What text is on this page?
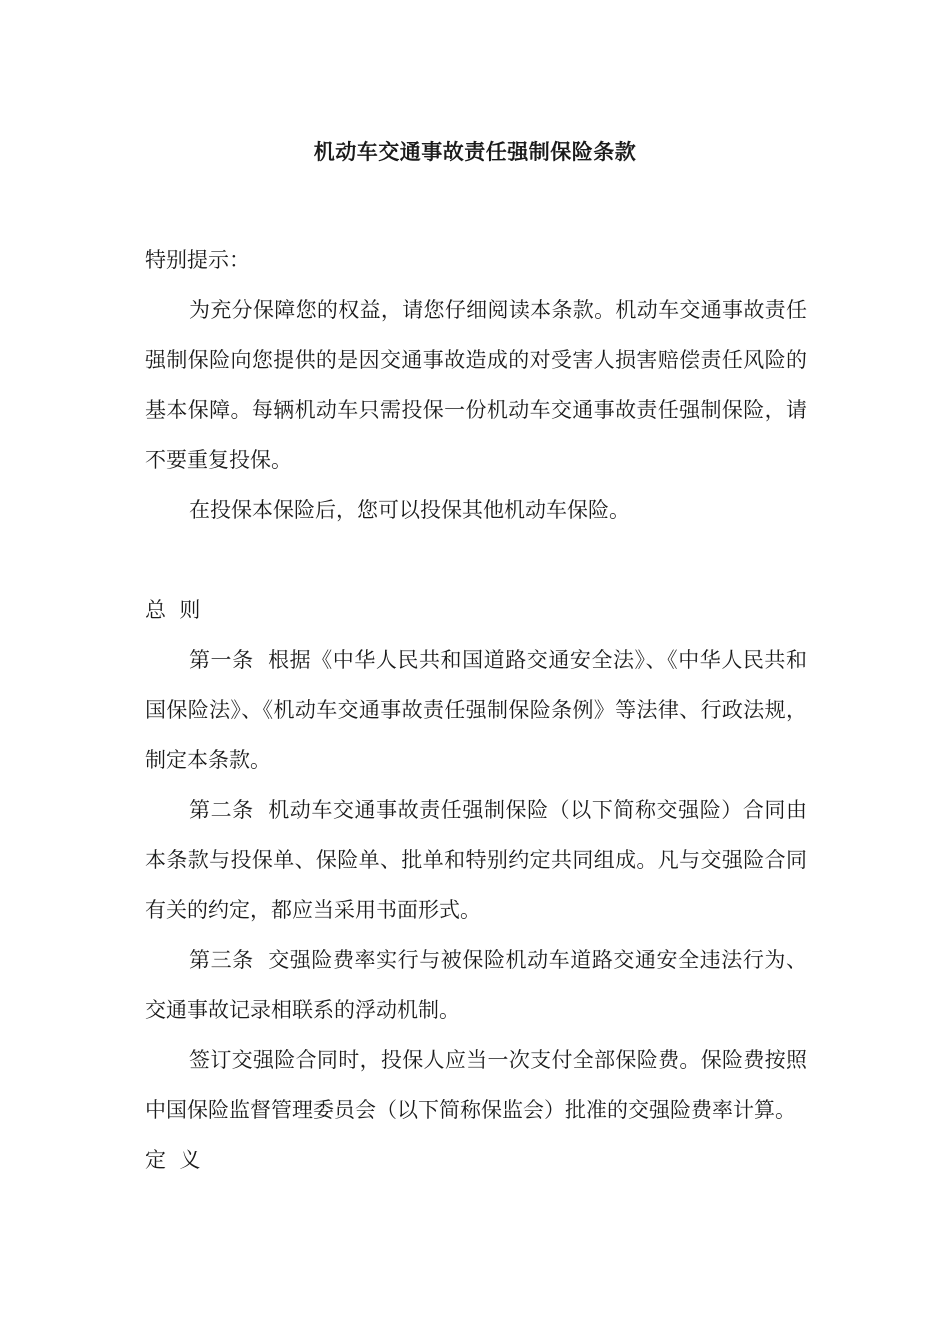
机动车交通事故责任强制保险条款

特别提示：

为充分保障您的权益，请您仔细阅读本条款。机动车交通事故责任强制保险向您提供的是因交通事故造成的对受害人损害赔偿责任风险的基本保障。每辆机动车只需投保一份机动车交通事故责任强制保险，请不要重复投保。

在投保本保险后，您可以投保其他机动车保险。

总  则

第一条  根据《中华人民共和国道路交通安全法》、《中华人民共和国保险法》、《机动车交通事故责任强制保险条例》等法律、行政法规，制定本条款。

第二条  机动车交通事故责任强制保险（以下简称交强险）合同由本条款与投保单、保险单、批单和特别约定共同组成。凡与交强险合同有关的约定，都应当采用书面形式。

第三条  交强险费率实行与被保险机动车道路交通安全违法行为、交通事故记录相联系的浮动机制。

签订交强险合同时，投保人应当一次支付全部保险费。保险费按照中国保险监督管理委员会（以下简称保监会）批准的交强险费率计算。

定  义
